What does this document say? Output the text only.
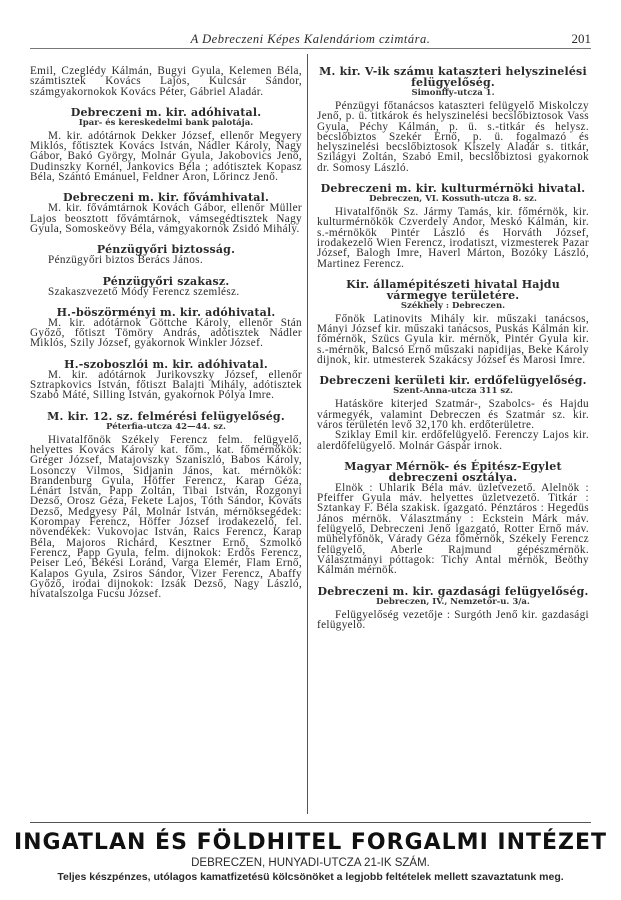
A Debreczeni Képes Kalendáriom czimtára.	201

Emil, Czeglédy Kálmán, Bugyi Gyula, Kelemen Béla, számtisztek Kovács Lajos, Kulcsár Sándor, számgyakornokok Kovács Péter, Gábriel Aladár.

Debreczeni m. kir. adóhivatal.
Ipar- és kereskedelmi bank palotája.

M. kir. adótárnok Dekker József, ellenőr Megyery Miklós, főtisztek Kovács István, Nádler Károly, Nagy Gábor, Bakó György, Molnár Gyula, Jakobovics Jenő, Dudinszky Kornél, Jankovics Béla ; adótisztek Kopasz Béla, Szántó Emánuel, Feldner Áron, Lőrincz Jenő.

Debreczeni m. kir. fővámhivatal.

M. kir. fővámtárnok Kovách Gábor, ellenőr Müller Lajos beosztott fővámtárnok, vámsegédtisztek Nagy Gyula, Somoskeövy Béla, vámgyakornok Zsidó Mihály.

Pénzügyőri biztosság.

Pénzügyőri biztos Berács János.

Pénzügyőri szakasz.

Szakaszvezető Módy Ferencz szemlész.

H.-böszörményi m. kir. adóhivatal.

M. kir. adótárnok Göttche Károly, ellenőr Stán Győző, főtiszt Tömöry András, adótisztek Nádler Miklós, Szily József, gyakornok Winkler József.

H.-szoboszlói m. kir. adóhivatal.

M. kir. adótárnok Jurikovszky József, ellenőr Sztrapkovics István, főtiszt Balajti Mihály, adótisztek Szabó Máté, Silling István, gyakornok Pólya Imre.

M. kir. 12. sz. felmérési felügyelőség.
Péterfia-utcza 42—44. sz.

Hivatalfőnök Székely Ferencz felm. felügyelő, helyettes Kovács Károly kat. főm., kat. főmérnökök: Gréger József, Matajovszky Szaniszló, Babos Károly, Losonczy Vilmos, Sidjanin János, kat. mérnökök: Brandenburg Gyula, Höffer Ferencz, Karap Géza, Lénárt István, Papp Zoltán, Tibai István, Rozgonyi Dezső, Orosz Géza, Fekete Lajos, Tóth Sándor, Kováts Dezső, Medgyesy Pál, Molnár István, mérnöksegédek: Korompay Ferencz, Höffer József irodakezelő, fel. növendékek: Vukovojac István, Raics Ferencz, Karap Béla, Majoros Richárd, Kesztner Ernő, Szmolkó Ferencz, Papp Gyula, felm. dijnokok: Erdős Ferencz, Peiser Leó, Békési Loránd, Varga Elemér, Flam Ernő, Kalapos Gyula, Zsiros Sándor, Vizer Ferencz, Abaffy Győző, irodai dijnokok: Izsák Dezső, Nagy László, hivatalszolga Fucsu József.

M. kir. V-ik számu kataszteri helyszinelési felügyelőség.
Simonffy-utcza 1.

Pénzügyi főtanácsos kataszteri felügyelő Miskolczy Jenő, p. ü. titkárok és helyszinelési becslőbiztosok Vass Gyula, Péchy Kálmán, p. ü. s.-titkár és helysz. becslőbiztos Szekér Ernő, p. ü. fogalmazó és helyszinelési becslőbiztosok Kiszely Aladár s. titkár, Szilágyi Zoltán, Szabó Emil, becslőbiztosi gyakornok dr. Somosy László.

Debreczeni m. kir. kulturmérnöki hivatal.
Debreczen, VI. Kossuth-utcza 8. sz.

Hivatalfőnök Sz. Jármy Tamás, kir. főmérnök, kir. kulturmérnökök Czverdely Andor, Meskó Kálmán, kir. s.-mérnökök Pintér László és Horváth József, irodakezelő Wien Ferencz, irodatiszt, vizmesterek Pazar József, Balogh Imre, Haverl Márton, Bozóky László, Martinez Ferencz.

Kir. államépitészeti hivatal Hajdu vármegye területére.
Székhely : Debreczen.

Főnök Latinovits Mihály kir. műszaki tanácsos, Mányi József kir. műszaki tanácsos, Puskás Kálmán kir. főmérnök, Szücs Gyula kir. mérnök, Pintér Gyula kir. s.-mérnök, Balcsó Ernő műszaki napidijas, Beke Károly dijnok, kir. utmesterek Szakácsy József és Marosi Imre.

Debreczeni kerületi kir. erdőfelügyelőség.
Szent-Anna-utcza 311 sz.

Hatásköre kiterjed Szatmár-, Szabolcs- és Hajdu vármegyék, valamint Debreczen és Szatmár sz. kir. város területén levő 32,170 kh. erdőterületre.

Sziklay Emil kir. erdőfelügyelő. Ferenczy Lajos kir. alerdőfelügyelő. Molnár Gáspár irnok.

Magyar Mérnök- és Épitész-Egylet debreczeni osztálya.

Elnök : Uhlarik Béla máv. üzletvezető. Alelnök : Pfeiffer Gyula máv. helyettes üzletvezető. Titkár : Sztankay F. Béla szakisk. igazgató. Pénztáros : Hegedüs János mérnök. Választmány : Eckstein Márk máv. felügyelő, Debreczeni Jenő igazgató, Rotter Ernő máv. mühelyfőnök, Várady Géza főmérnök, Székely Ferencz felügyelő, Aberle Rajmund gépészmérnök. Választmányi póttagok: Tichy Antal mérnök, Beöthy Kálmán mérnök.

Debreczeni m. kir. gazdasági felügyelőség.
Debreczen, IV., Nemzetőr-u. 3/a.

Felügyelőség vezetője : Surgóth Jenő kir. gazdasági felügyelő.

INGATLAN ÉS FÖLDHITEL FORGALMI INTÉZET
DEBRECZEN, HUNYADI-UTCZA 21-IK SZÁM.
Teljes készpénzes, utólagos kamatfizetésü kölcsönöket a legjobb feltételek mellett szavaztatunk meg.
